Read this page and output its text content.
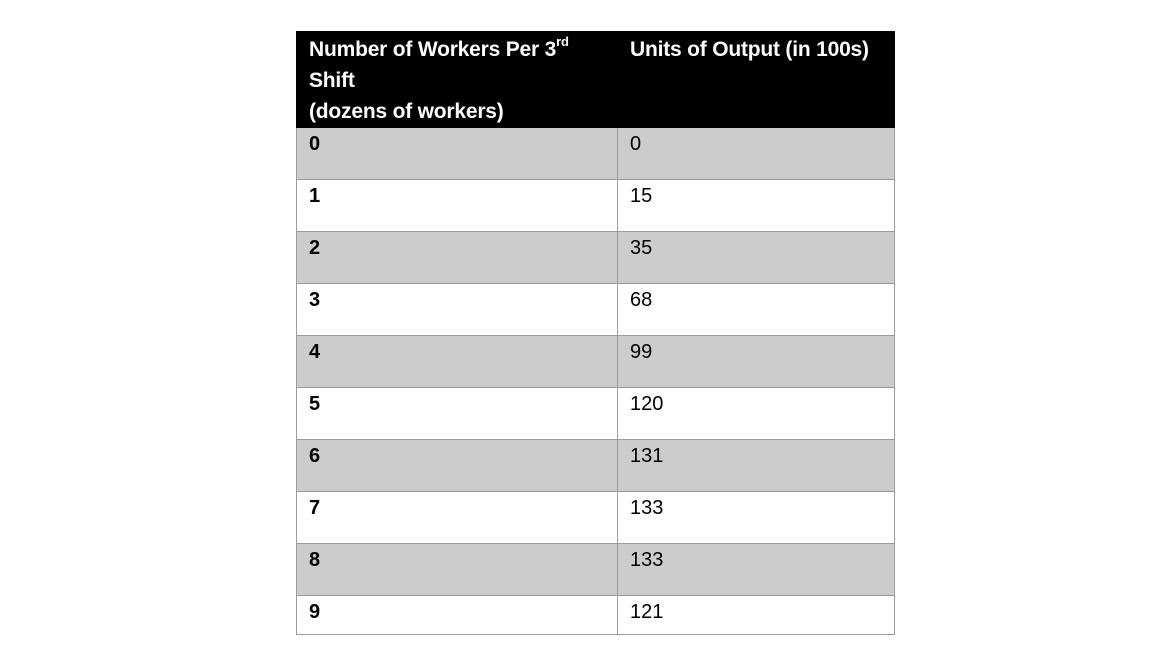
Number of Workers Per 3rd
Shift
(dozens of workers)	Units of Output (in 100s)
0	0
1	15
2	35
3	68
4	99
5	120
6	131
7	133
8	133
9	121
